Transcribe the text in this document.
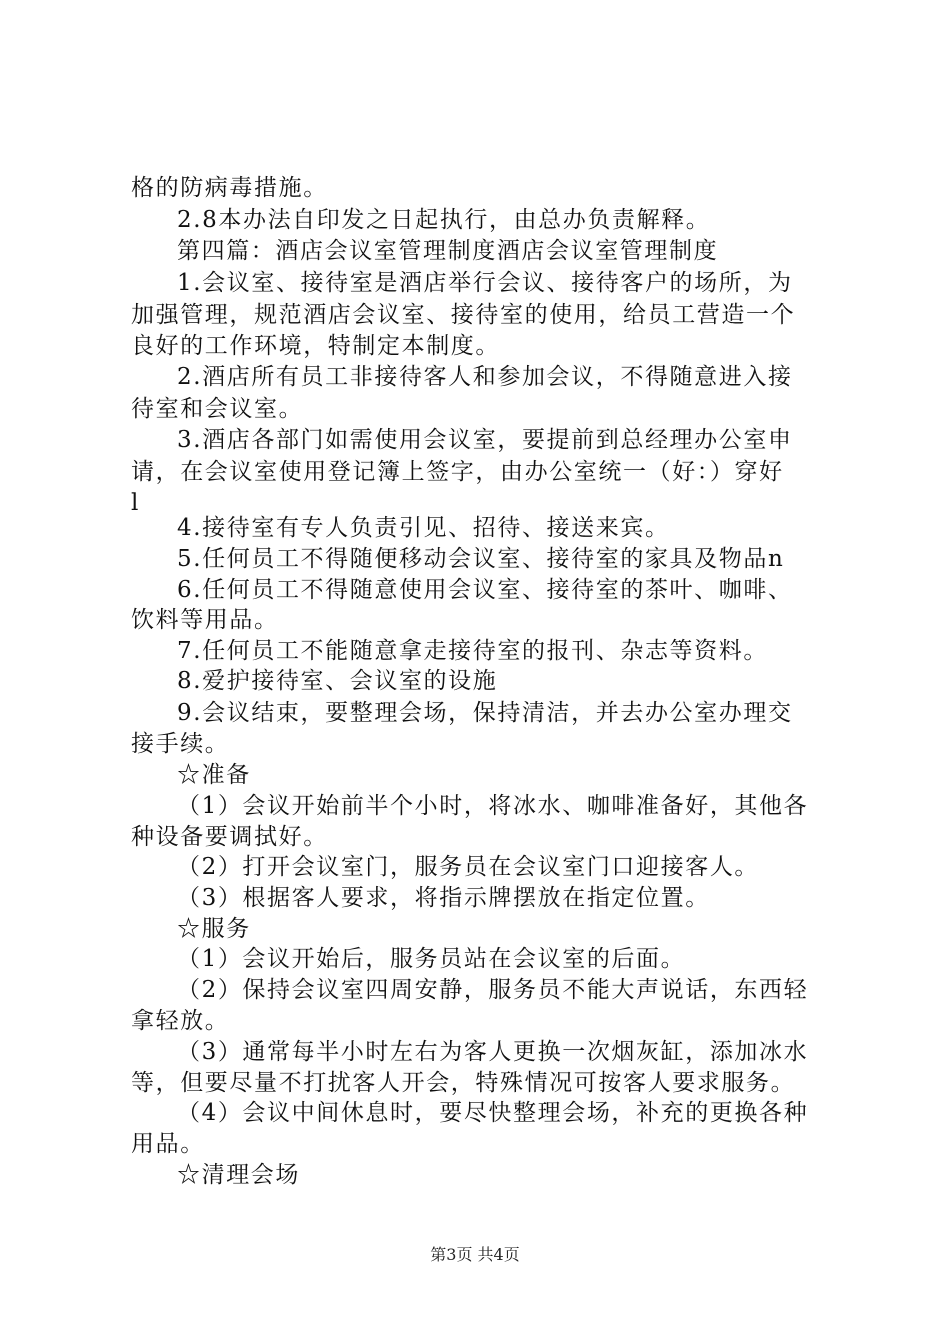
格的防病毒措施。
2.8本办法自印发之日起执行，由总办负责解释。
第四篇：酒店会议室管理制度酒店会议室管理制度
1.会议室、接待室是酒店举行会议、接待客户的场所，为
加强管理，规范酒店会议室、接待室的使用，给员工营造一个
良好的工作环境，特制定本制度。
2.酒店所有员工非接待客人和参加会议，不得随意进入接
待室和会议室。
3.酒店各部门如需使用会议室，要提前到总经理办公室申
请，在会议室使用登记簿上签字，由办公室统一（好：）穿好
l
4.接待室有专人负责引见、招待、接送来宾。
5.任何员工不得随便移动会议室、接待室的家具及物品n
6.任何员工不得随意使用会议室、接待室的茶叶、咖啡、
饮料等用品。
7.任何员工不能随意拿走接待室的报刊、杂志等资料。
8.爱护接待室、会议室的设施
9.会议结束，要整理会场，保持清洁，并去办公室办理交
接手续。
☆准备
（1）会议开始前半个小时，将冰水、咖啡准备好，其他各
种设备要调拭好。
（2）打开会议室门，服务员在会议室门口迎接客人。
（3）根据客人要求，将指示牌摆放在指定位置。
☆服务
（1）会议开始后，服务员站在会议室的后面。
（2）保持会议室四周安静，服务员不能大声说话，东西轻
拿轻放。
（3）通常每半小时左右为客人更换一次烟灰缸，添加冰水
等，但要尽量不打扰客人开会，特殊情况可按客人要求服务。
（4）会议中间休息时，要尽快整理会场，补充的更换各种
用品。
☆清理会场
第3页 共4页
